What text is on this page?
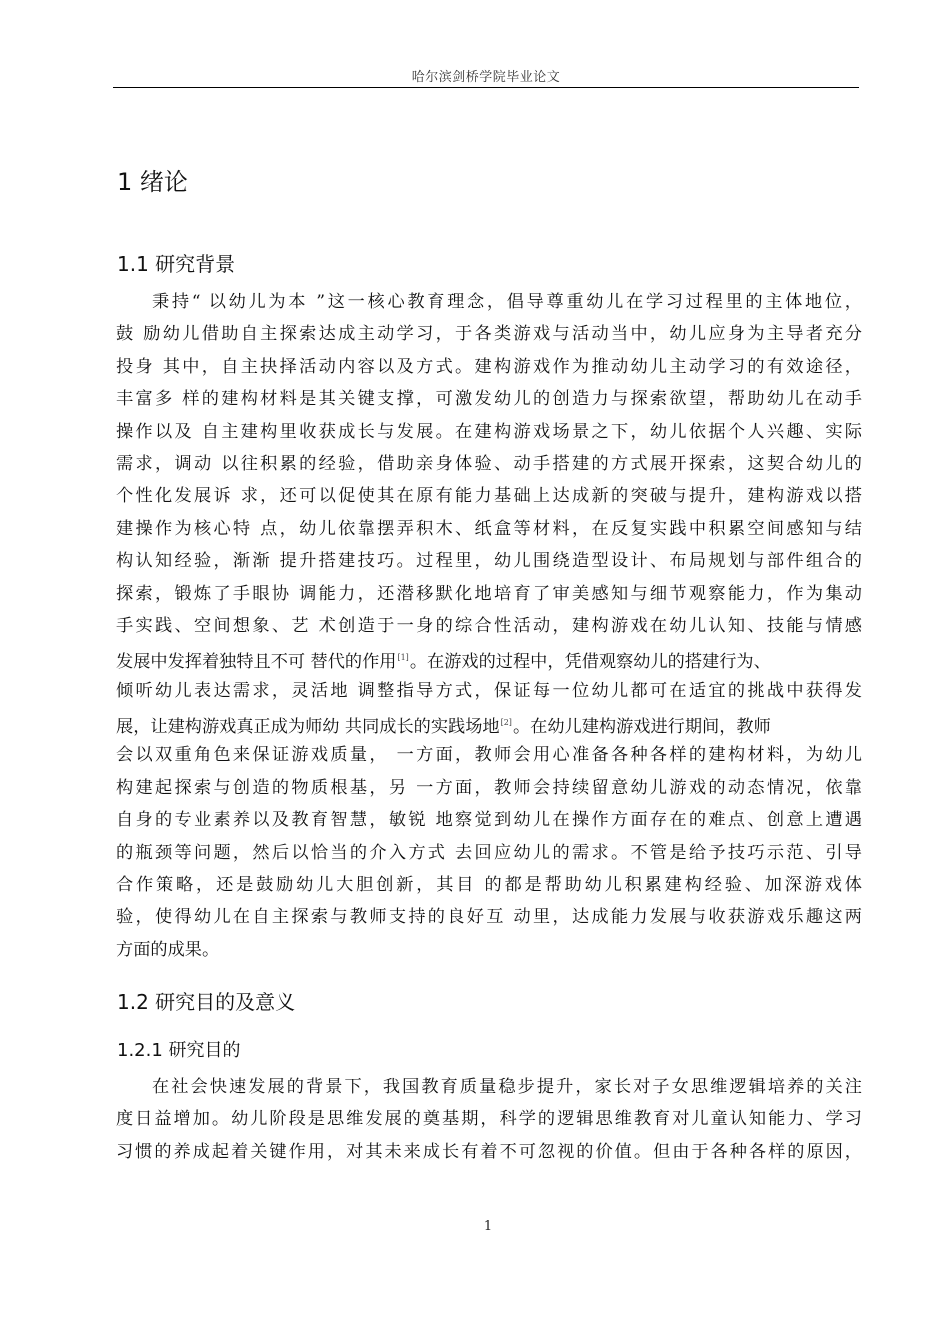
哈尔滨剑桥学院毕业论文
1 绪论
1.1 研究背景
秉持“ 以幼儿为本 ”这一核心教育理念，倡导尊重幼儿在学习过程里的主体地位，
鼓 励幼儿借助自主探索达成主动学习，于各类游戏与活动当中，幼儿应身为主导者充分
投身 其中，自主抉择活动内容以及方式。建构游戏作为推动幼儿主动学习的有效途径，
丰富多 样的建构材料是其关键支撑，可激发幼儿的创造力与探索欲望，帮助幼儿在动手
操作以及 自主建构里收获成长与发展。在建构游戏场景之下，幼儿依据个人兴趣、实际
需求，调动 以往积累的经验，借助亲身体验、动手搭建的方式展开探索，这契合幼儿的
个性化发展诉 求，还可以促使其在原有能力基础上达成新的突破与提升，建构游戏以搭
建操作为核心特 点，幼儿依靠摆弄积木、纸盒等材料，在反复实践中积累空间感知与结
构认知经验，渐渐 提升搭建技巧。过程里，幼儿围绕造型设计、布局规划与部件组合的
探索，锻炼了手眼协 调能力，还潜移默化地培育了审美感知与细节观察能力，作为集动
手实践、空间想象、艺 术创造于一身的综合性活动，建构游戏在幼儿认知、技能与情感
发展中发挥着独特且不可 替代的作用[1]。在游戏的过程中，凭借观察幼儿的搭建行为、
倾听幼儿表达需求，灵活地 调整指导方式，保证每一位幼儿都可在适宜的挑战中获得发
展，让建构游戏真正成为师幼 共同成长的实践场地[2]。在幼儿建构游戏进行期间，教师
会以双重角色来保证游戏质量， 一方面，教师会用心准备各种各样的建构材料，为幼儿
构建起探索与创造的物质根基，另 一方面，教师会持续留意幼儿游戏的动态情况，依靠
自身的专业素养以及教育智慧，敏锐 地察觉到幼儿在操作方面存在的难点、创意上遭遇
的瓶颈等问题，然后以恰当的介入方式 去回应幼儿的需求。不管是给予技巧示范、引导
合作策略，还是鼓励幼儿大胆创新，其目 的都是帮助幼儿积累建构经验、加深游戏体
验，使得幼儿在自主探索与教师支持的良好互 动里，达成能力发展与收获游戏乐趣这两
方面的成果。
1.2 研究目的及意义
1.2.1 研究目的
在社会快速发展的背景下，我国教育质量稳步提升，家长对子女思维逻辑培养的关注
度日益增加。幼儿阶段是思维发展的奠基期，科学的逻辑思维教育对儿童认知能力、学习
习惯的养成起着关键作用，对其未来成长有着不可忽视的价值。但由于各种各样的原因，
1
